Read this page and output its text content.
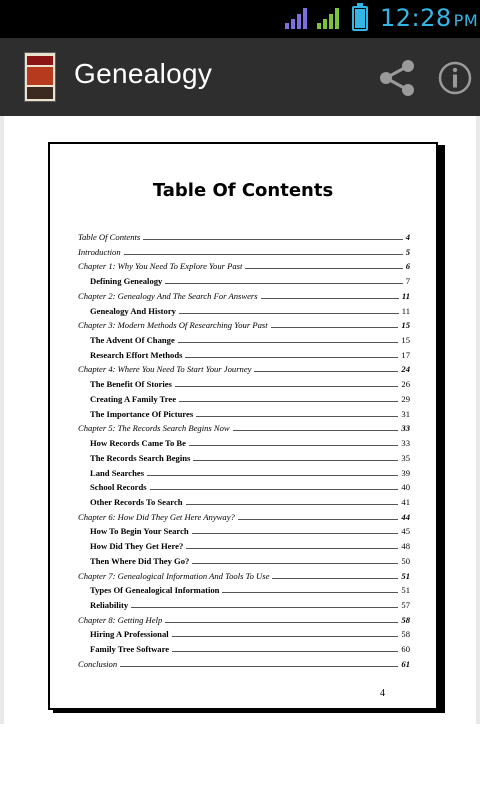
12:28 PM
Genealogy
Table Of Contents
Table Of Contents	4
Introduction	5
Chapter 1: Why You Need To Explore Your Past	6
Defining Genealogy	7
Chapter 2: Genealogy And The Search For Answers	11
Genealogy And History	11
Chapter 3: Modern Methods Of Researching Your Past	15
The Advent Of Change	15
Research Effort Methods	17
Chapter 4: Where You Need To Start Your Journey	24
The Benefit Of Stories	26
Creating A Family Tree	29
The Importance Of Pictures	31
Chapter 5: The Records Search Begins Now	33
How Records Came To Be	33
The Records Search Begins	35
Land Searches	39
School Records	40
Other Records To Search	41
Chapter 6: How Did They Get Here Anyway?	44
How To Begin Your Search	45
How Did They Get Here?	48
Then Where Did They Go?	50
Chapter 7: Genealogical Information And Tools To Use	51
Types Of Genealogical Information	51
Reliability	57
Chapter 8: Getting Help	58
Hiring A Professional	58
Family Tree Software	60
Conclusion	61
4
